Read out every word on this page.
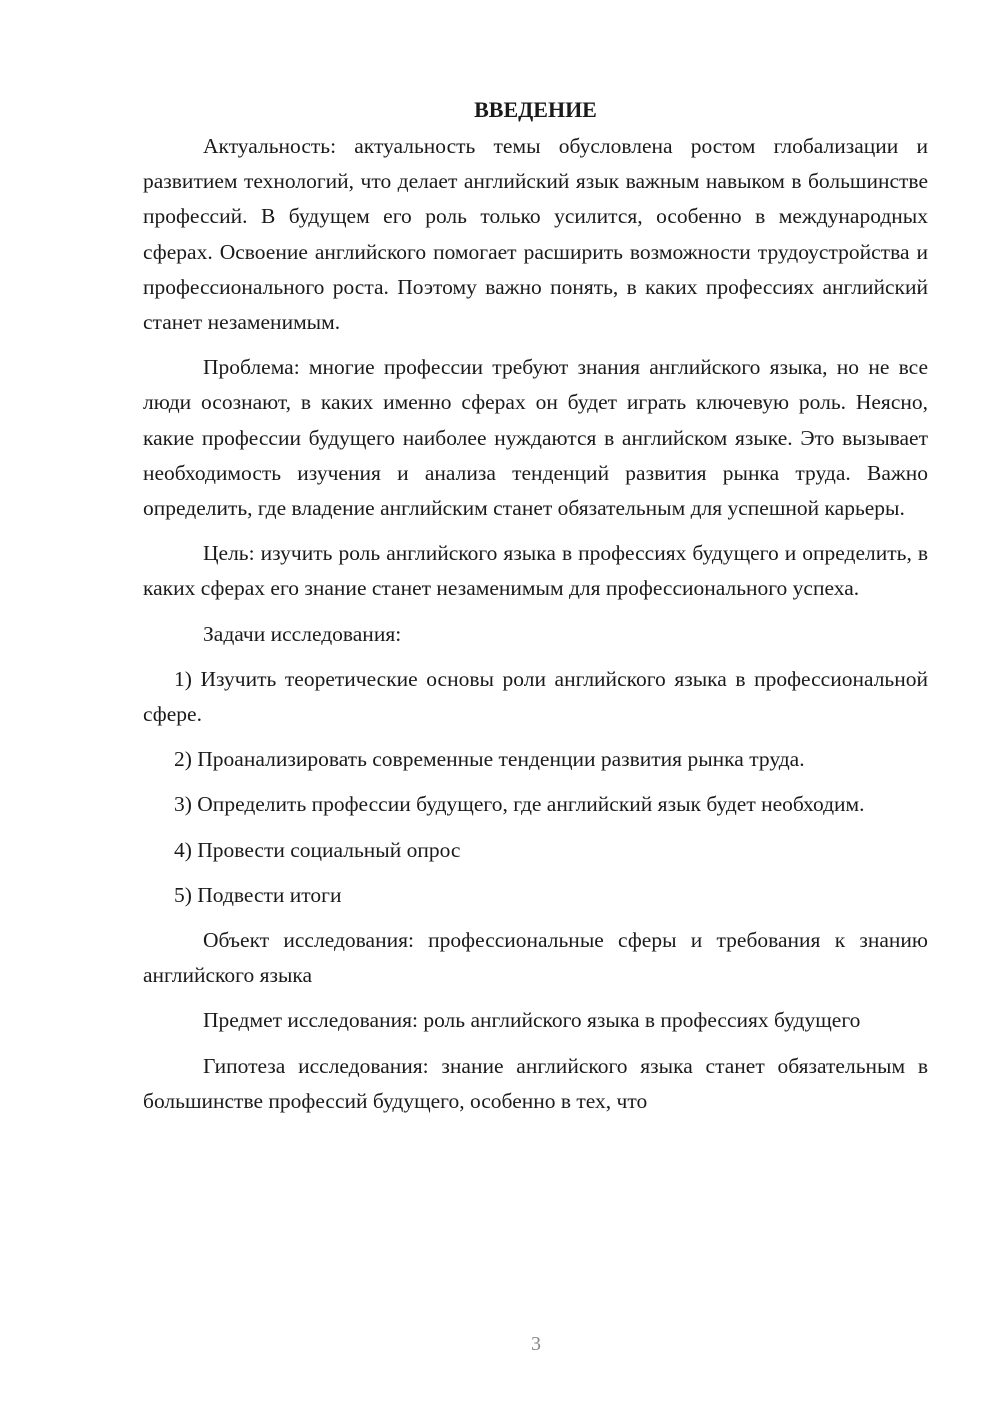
ВВЕДЕНИЕ

Актуальность: актуальность темы обусловлена ростом глобализации и развитием технологий, что делает английский язык важным навыком в большинстве профессий. В будущем его роль только усилится, особенно в международных сферах. Освоение английского помогает расширить возможности трудоустройства и профессионального роста. Поэтому важно понять, в каких профессиях английский станет незаменимым.

Проблема: многие профессии требуют знания английского языка, но не все люди осознают, в каких именно сферах он будет играть ключевую роль. Неясно, какие профессии будущего наиболее нуждаются в английском языке. Это вызывает необходимость изучения и анализа тенденций развития рынка труда. Важно определить, где владение английским станет обязательным для успешной карьеры.

Цель: изучить роль английского языка в профессиях будущего и определить, в каких сферах его знание станет незаменимым для профессионального успеха.

Задачи исследования:

1) Изучить теоретические основы роли английского языка в профессиональной сфере.

2) Проанализировать современные тенденции развития рынка труда.

3) Определить профессии будущего, где английский язык будет необходим.

4) Провести социальный опрос

5) Подвести итоги

Объект исследования: профессиональные сферы и требования к знанию английского языка

Предмет исследования: роль английского языка в профессиях будущего

Гипотеза исследования: знание английского языка станет обязательным в большинстве профессий будущего, особенно в тех, что

3
